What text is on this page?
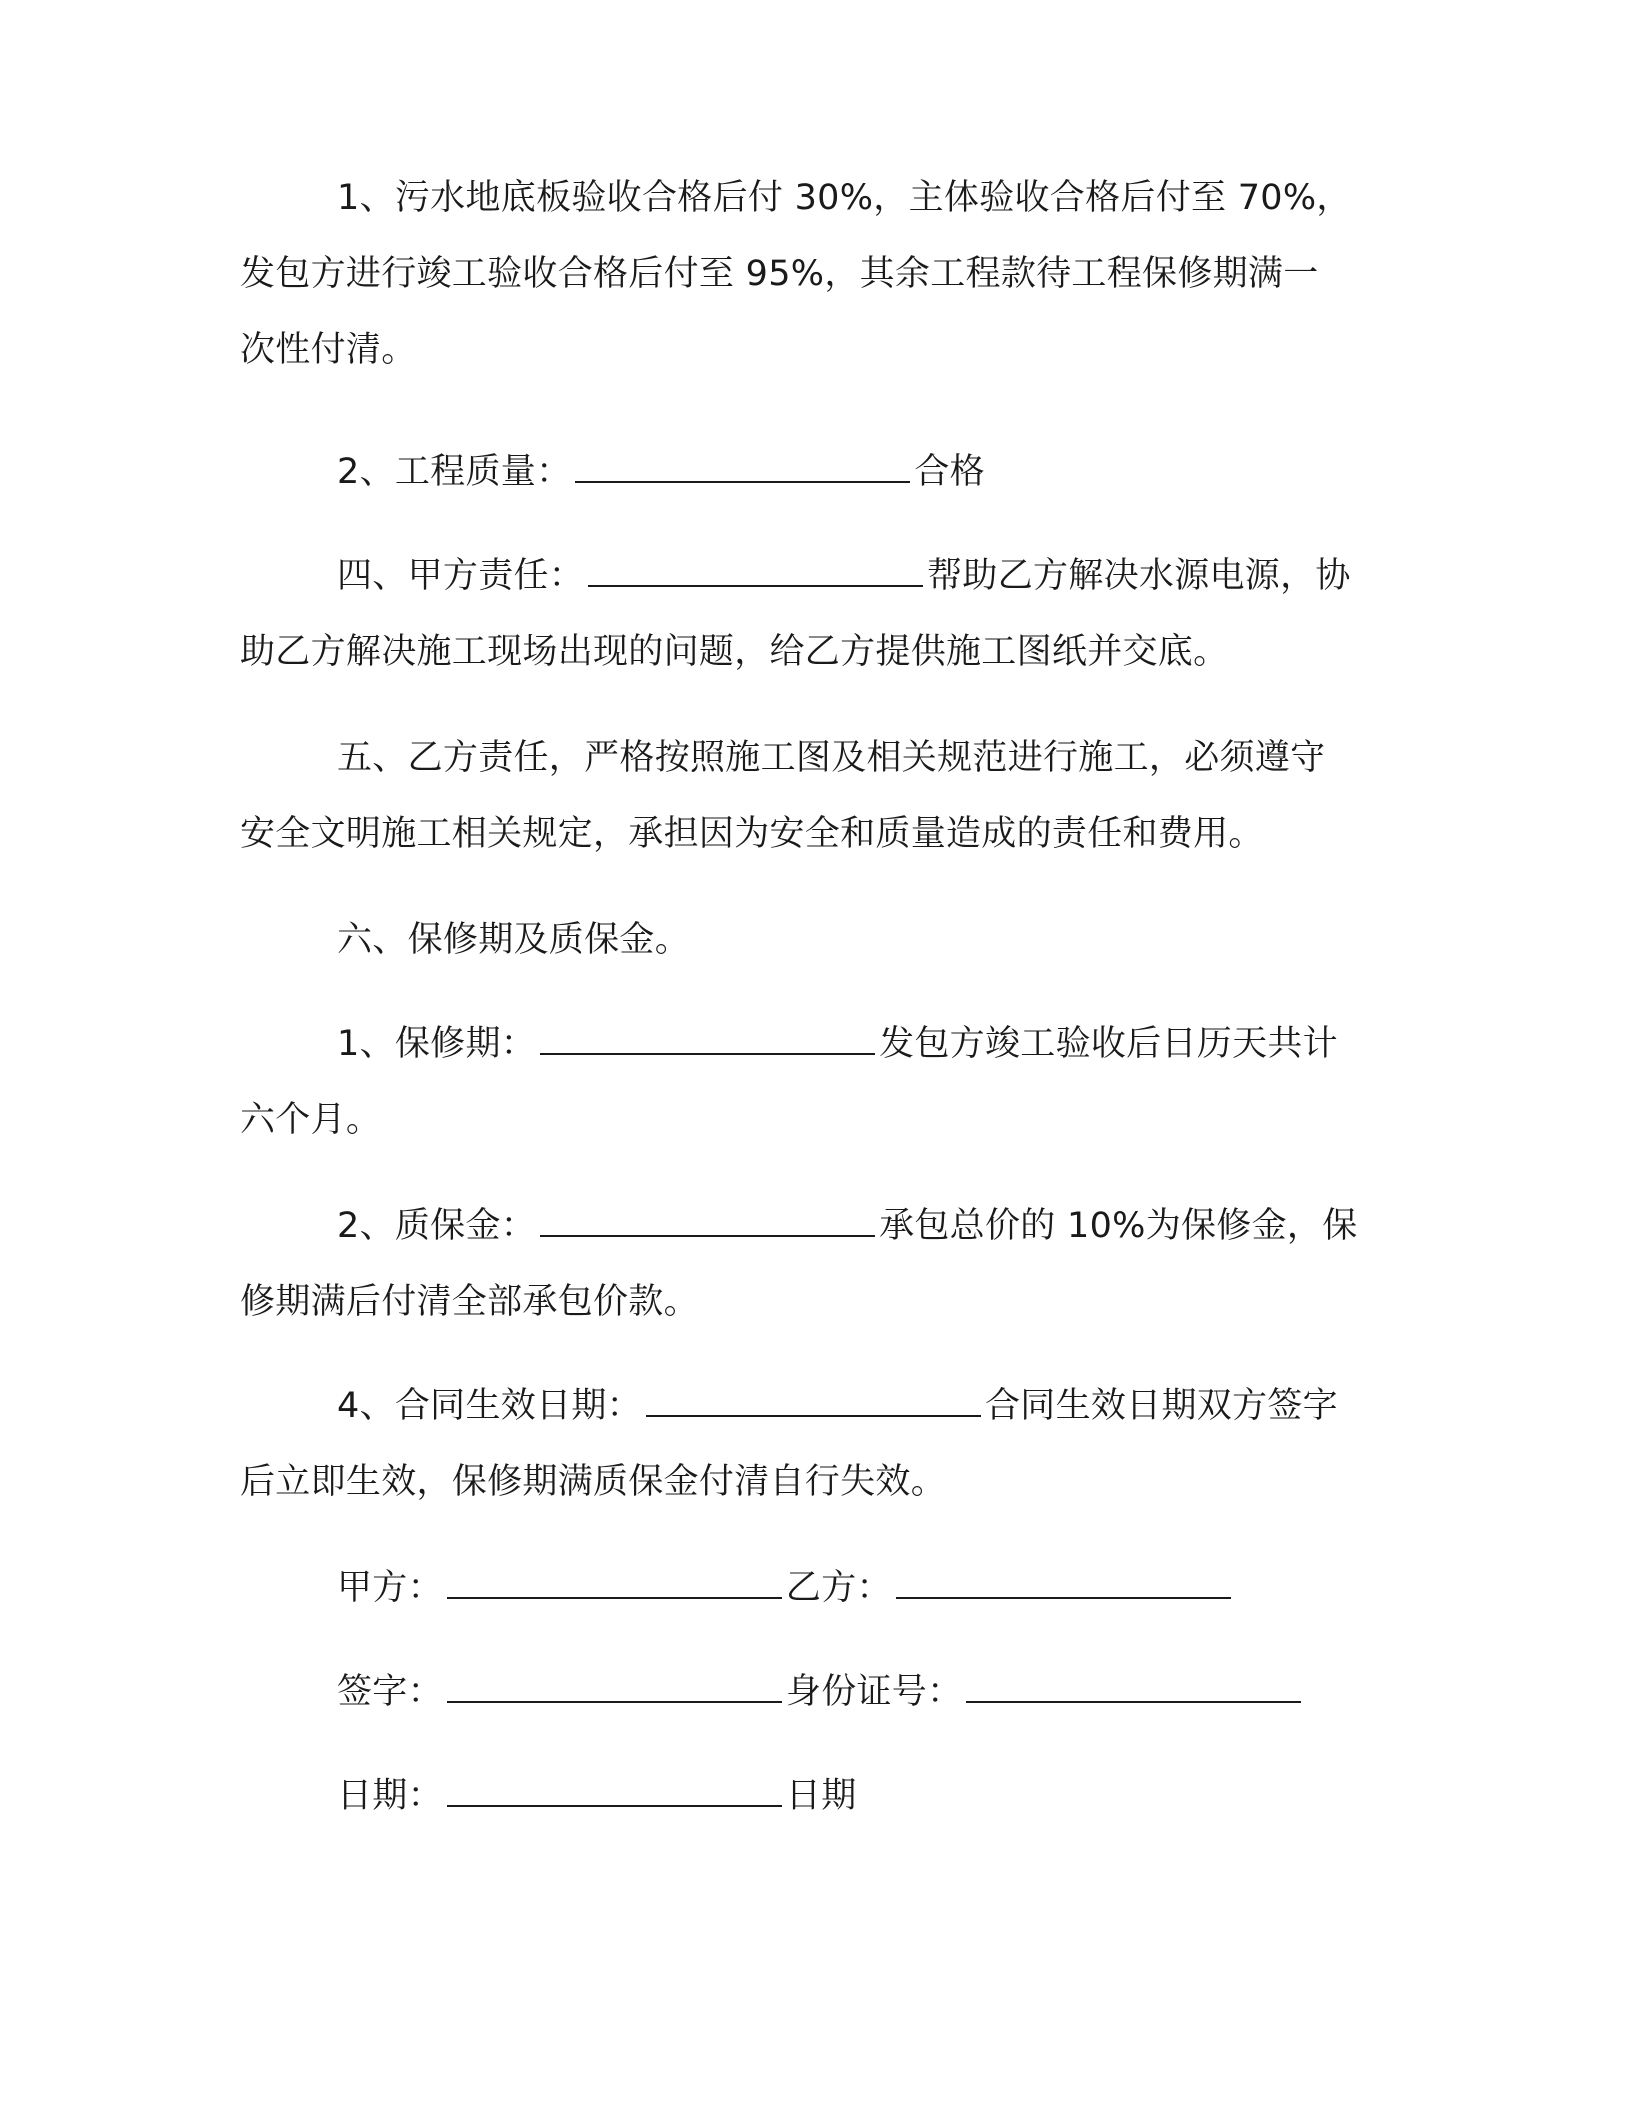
1、污水地底板验收合格后付 30%，主体验收合格后付至 70%，
发包方进行竣工验收合格后付至 95%，其余工程款待工程保修期满一
次性付清。
2、工程质量：	合格
四、甲方责任：	帮助乙方解决水源电源，协
助乙方解决施工现场出现的问题，给乙方提供施工图纸并交底。
五、乙方责任，严格按照施工图及相关规范进行施工，必须遵守
安全文明施工相关规定，承担因为安全和质量造成的责任和费用。
六、保修期及质保金。
1、保修期：	发包方竣工验收后日历天共计
六个月。
2、质保金：	承包总价的 10%为保修金，保
修期满后付清全部承包价款。
4、合同生效日期：	合同生效日期双方签字
后立即生效，保修期满质保金付清自行失效。
甲方：	乙方：
签字：	身份证号：
日期：	日期
